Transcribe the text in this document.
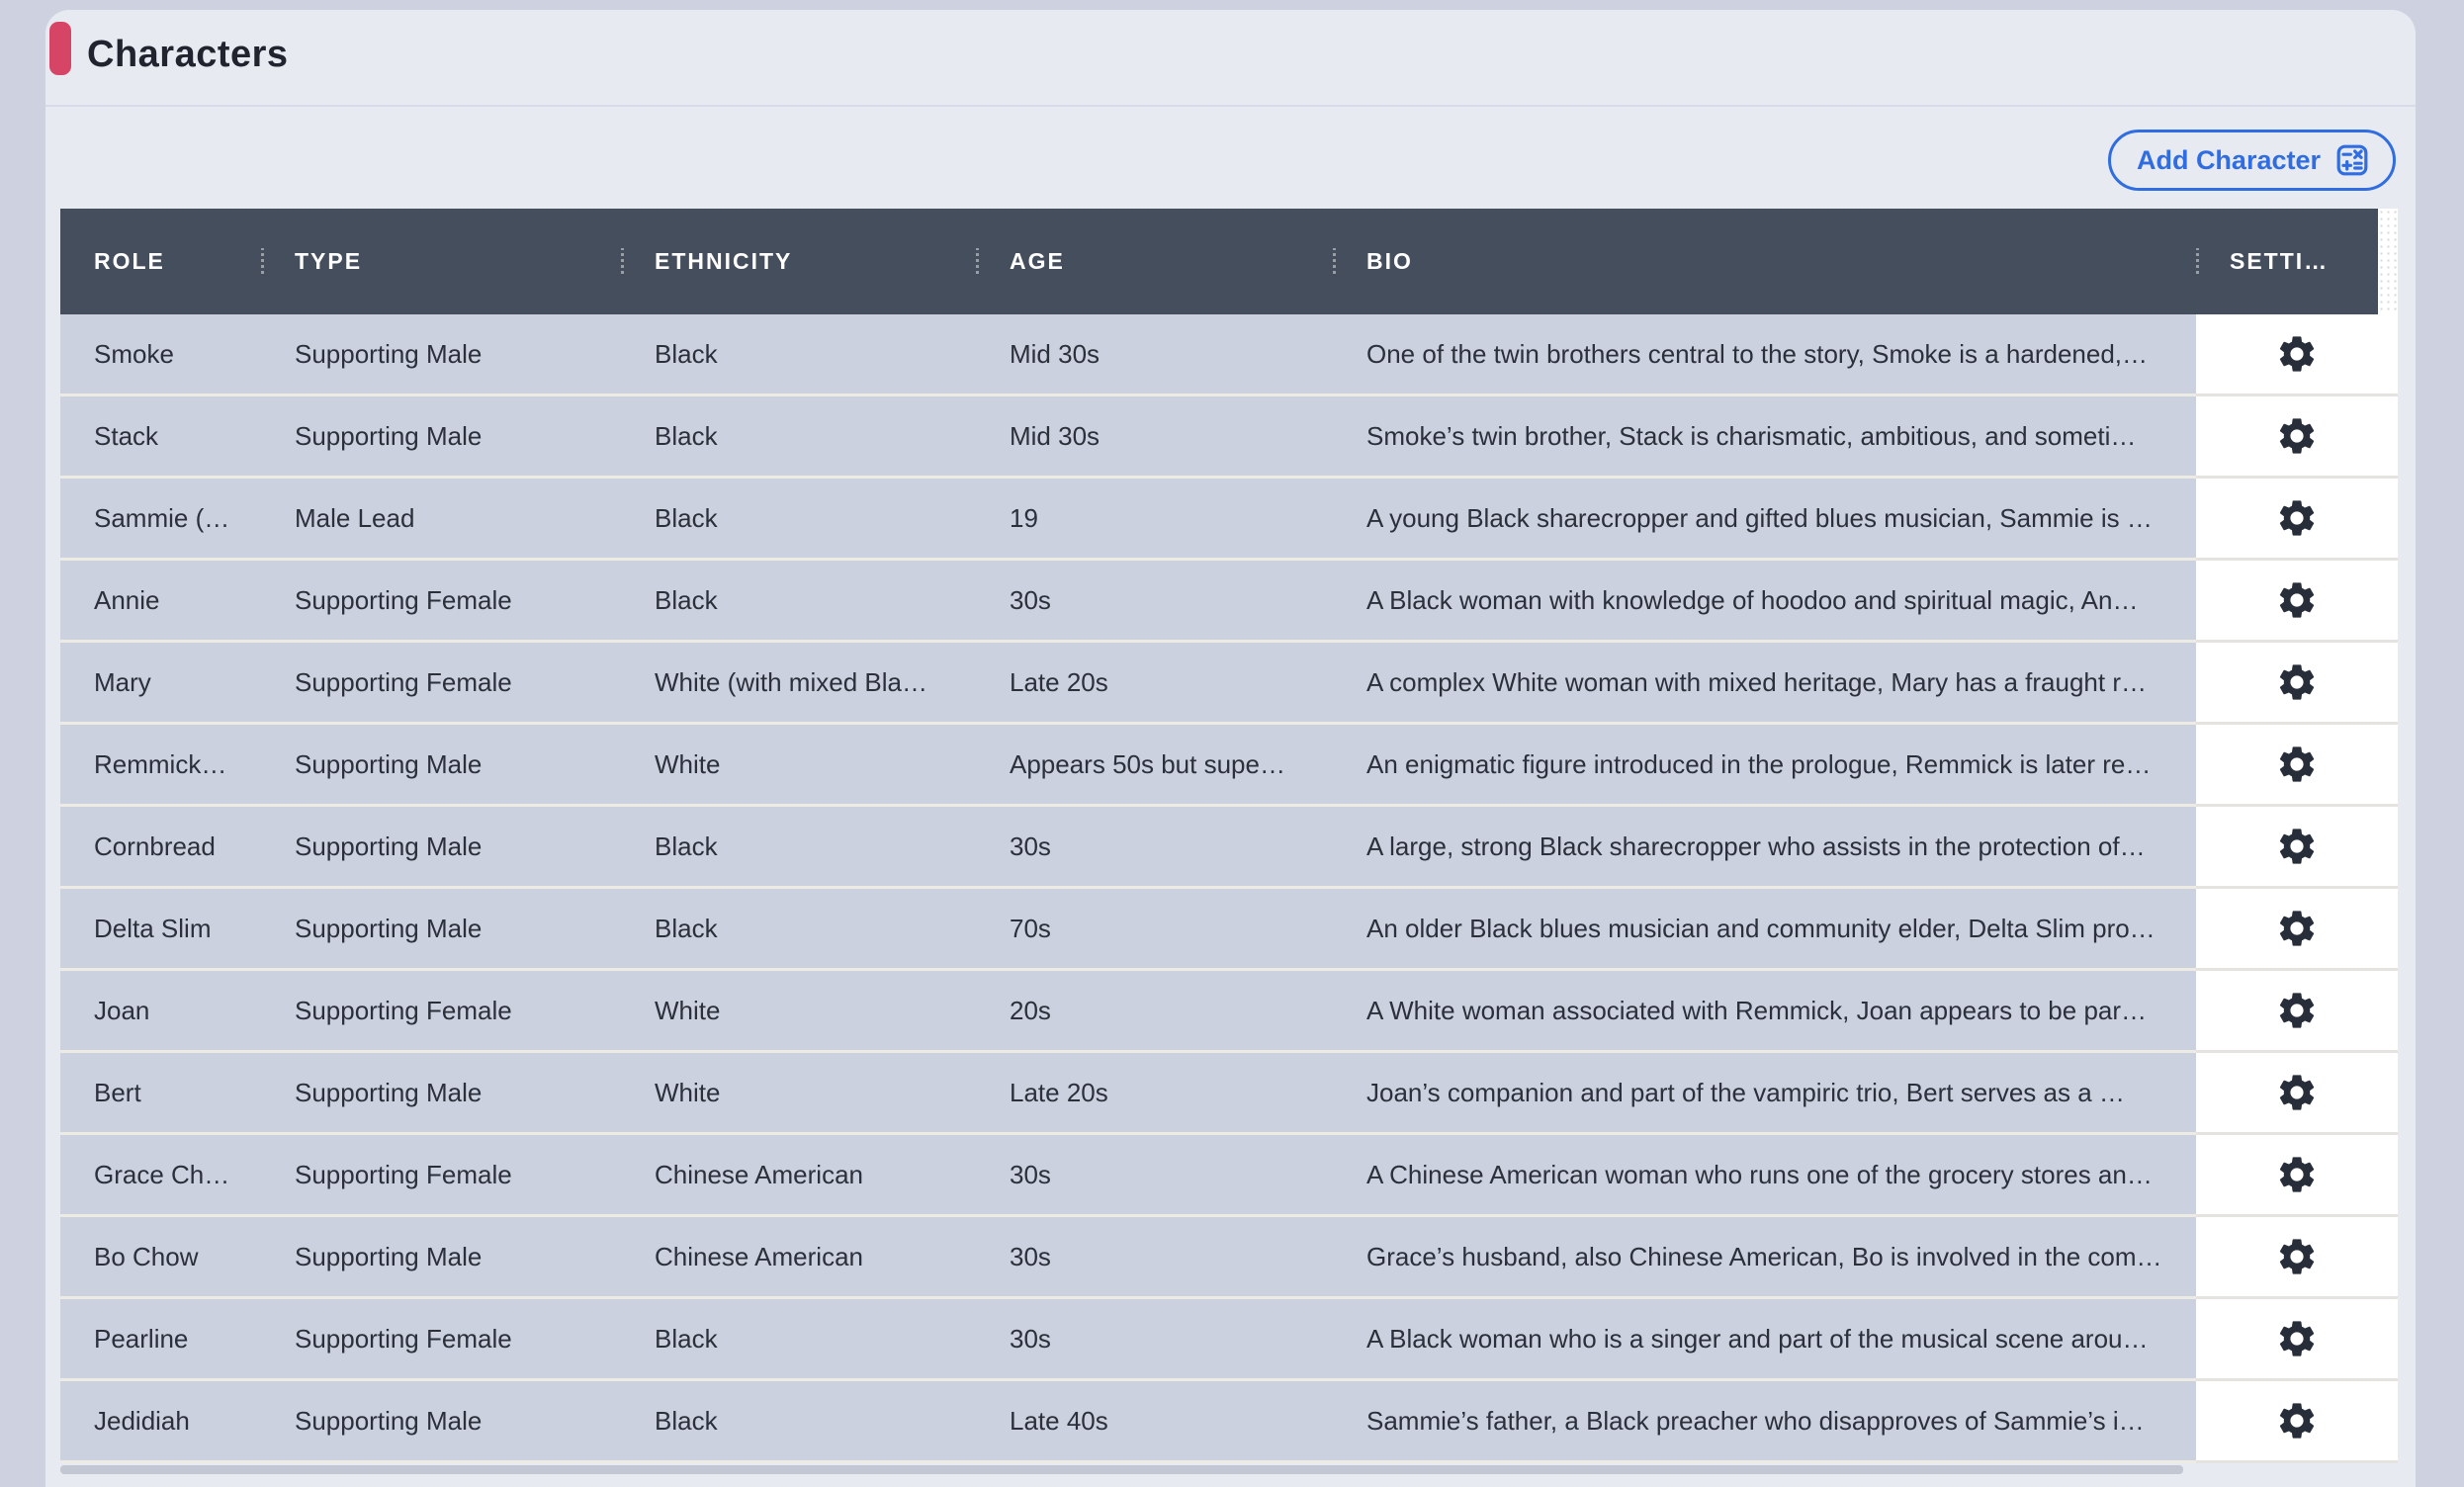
Characters
Add Character
ROLE	TYPE	ETHNICITY	AGE	BIO	SETTI…
Smoke	Supporting Male	Black	Mid 30s	One of the twin brothers central to the story, Smoke is a hardened,…
Stack	Supporting Male	Black	Mid 30s	Smoke’s twin brother, Stack is charismatic, ambitious, and someti…
Sammie (…	Male Lead	Black	19	A young Black sharecropper and gifted blues musician, Sammie is …
Annie	Supporting Female	Black	30s	A Black woman with knowledge of hoodoo and spiritual magic, An…
Mary	Supporting Female	White (with mixed Bla…	Late 20s	A complex White woman with mixed heritage, Mary has a fraught r…
Remmick…	Supporting Male	White	Appears 50s but supe…	An enigmatic figure introduced in the prologue, Remmick is later re…
Cornbread	Supporting Male	Black	30s	A large, strong Black sharecropper who assists in the protection of…
Delta Slim	Supporting Male	Black	70s	An older Black blues musician and community elder, Delta Slim pro…
Joan	Supporting Female	White	20s	A White woman associated with Remmick, Joan appears to be par…
Bert	Supporting Male	White	Late 20s	Joan’s companion and part of the vampiric trio, Bert serves as a …
Grace Ch…	Supporting Female	Chinese American	30s	A Chinese American woman who runs one of the grocery stores an…
Bo Chow	Supporting Male	Chinese American	30s	Grace’s husband, also Chinese American, Bo is involved in the com…
Pearline	Supporting Female	Black	30s	A Black woman who is a singer and part of the musical scene arou…
Jedidiah	Supporting Male	Black	Late 40s	Sammie’s father, a Black preacher who disapproves of Sammie’s i…
